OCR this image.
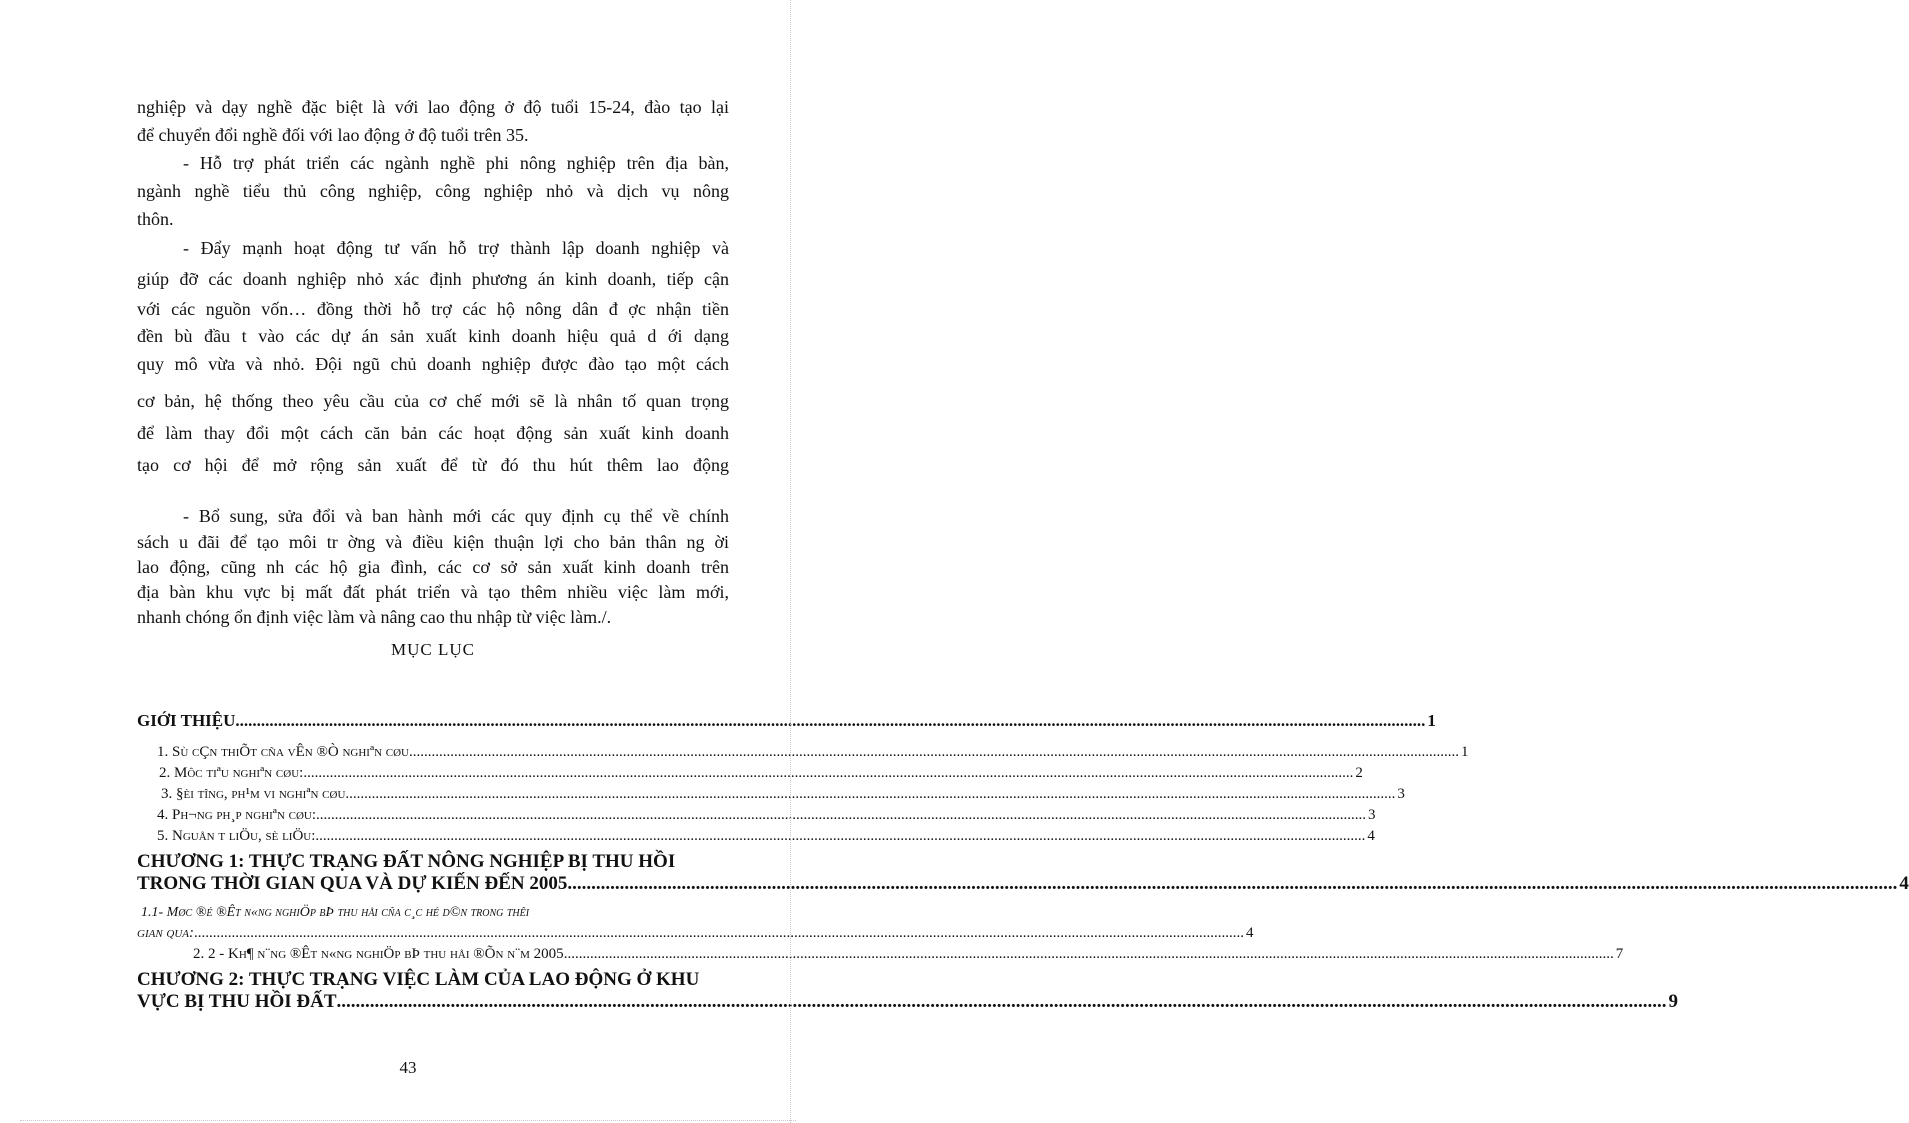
nghiệp và dạy nghề đặc biệt là với lao động ở độ tuổi 15-24, đào tạo lại
để chuyển đổi nghề đối với lao động ở độ tuổi trên 35.
- Hỗ trợ phát triển các ngành nghề phi nông nghiệp trên địa bàn,
ngành nghề tiểu thủ công nghiệp, công nghiệp nhỏ và dịch vụ nông
thôn.
- Đẩy mạnh hoạt động tư vấn hỗ trợ thành lập doanh nghiệp và
giúp đỡ các doanh nghiệp nhỏ xác định phương án kinh doanh, tiếp cận
với các nguồn vốn… đồng thời hỗ trợ các hộ nông dân đ ợc nhận tiền
đền bù đầu t vào các dự án sản xuất kinh doanh hiệu quả d ới dạng
quy mô vừa và nhỏ. Đội ngũ chủ doanh nghiệp được đào tạo một cách
cơ bản, hệ thống theo yêu cầu của cơ chế mới sẽ là nhân tố quan trọng
để làm thay đổi một cách căn bản các hoạt động sản xuất kinh doanh
tạo cơ hội để mở rộng sản xuất để từ đó thu hút thêm lao động
- Bổ sung, sửa đổi và ban hành mới các quy định cụ thể về chính
sách u đãi để tạo môi tr ờng và điều kiện thuận lợi cho bản thân ng ời
lao động, cũng nh các hộ gia đình, các cơ sở sản xuất kinh doanh trên
địa bàn khu vực bị mất đất phát triển và tạo thêm nhiều việc làm mới,
nhanh chóng ổn định việc làm và nâng cao thu nhập từ việc làm./.
MỤC LỤC
GIỚI THIỆU .....	1
1. Sù cÇn thiÕt cña vÊn ®Ò nghiªn cøu .....	1
2. Môc tiªu nghiªn cøu: .....	2
3. §èi tîng, ph¹m vi nghiªn cøu .....	3
4. Ph¬ng ph¸p nghiªn cøu: .....	3
5. Nguån t liÖu, sè liÖu: .....	4
CHƯƠNG 1: THỰC TRẠNG ĐẤT NÔNG NGHIỆP BỊ THU HỒI
TRONG THỜI GIAN QUA VÀ DỰ KIẾN ĐẾN 2005 .....	4
1.1- Møc ®é ®Êt n«ng nghiÖp bÞ thu håi cña c¸c hé d©n trong thêi
gian qua: .....	4
2. 2 - Kh¶ n¨ng ®Êt n«ng nghiÖp bÞ thu håi ®Õn n¨m 2005 .....	7
CHƯƠNG 2: THỰC TRẠNG VIỆC LÀM CỦA LAO ĐỘNG Ở KHU
VỰC BỊ THU HỒI ĐẤT .....	9
43
